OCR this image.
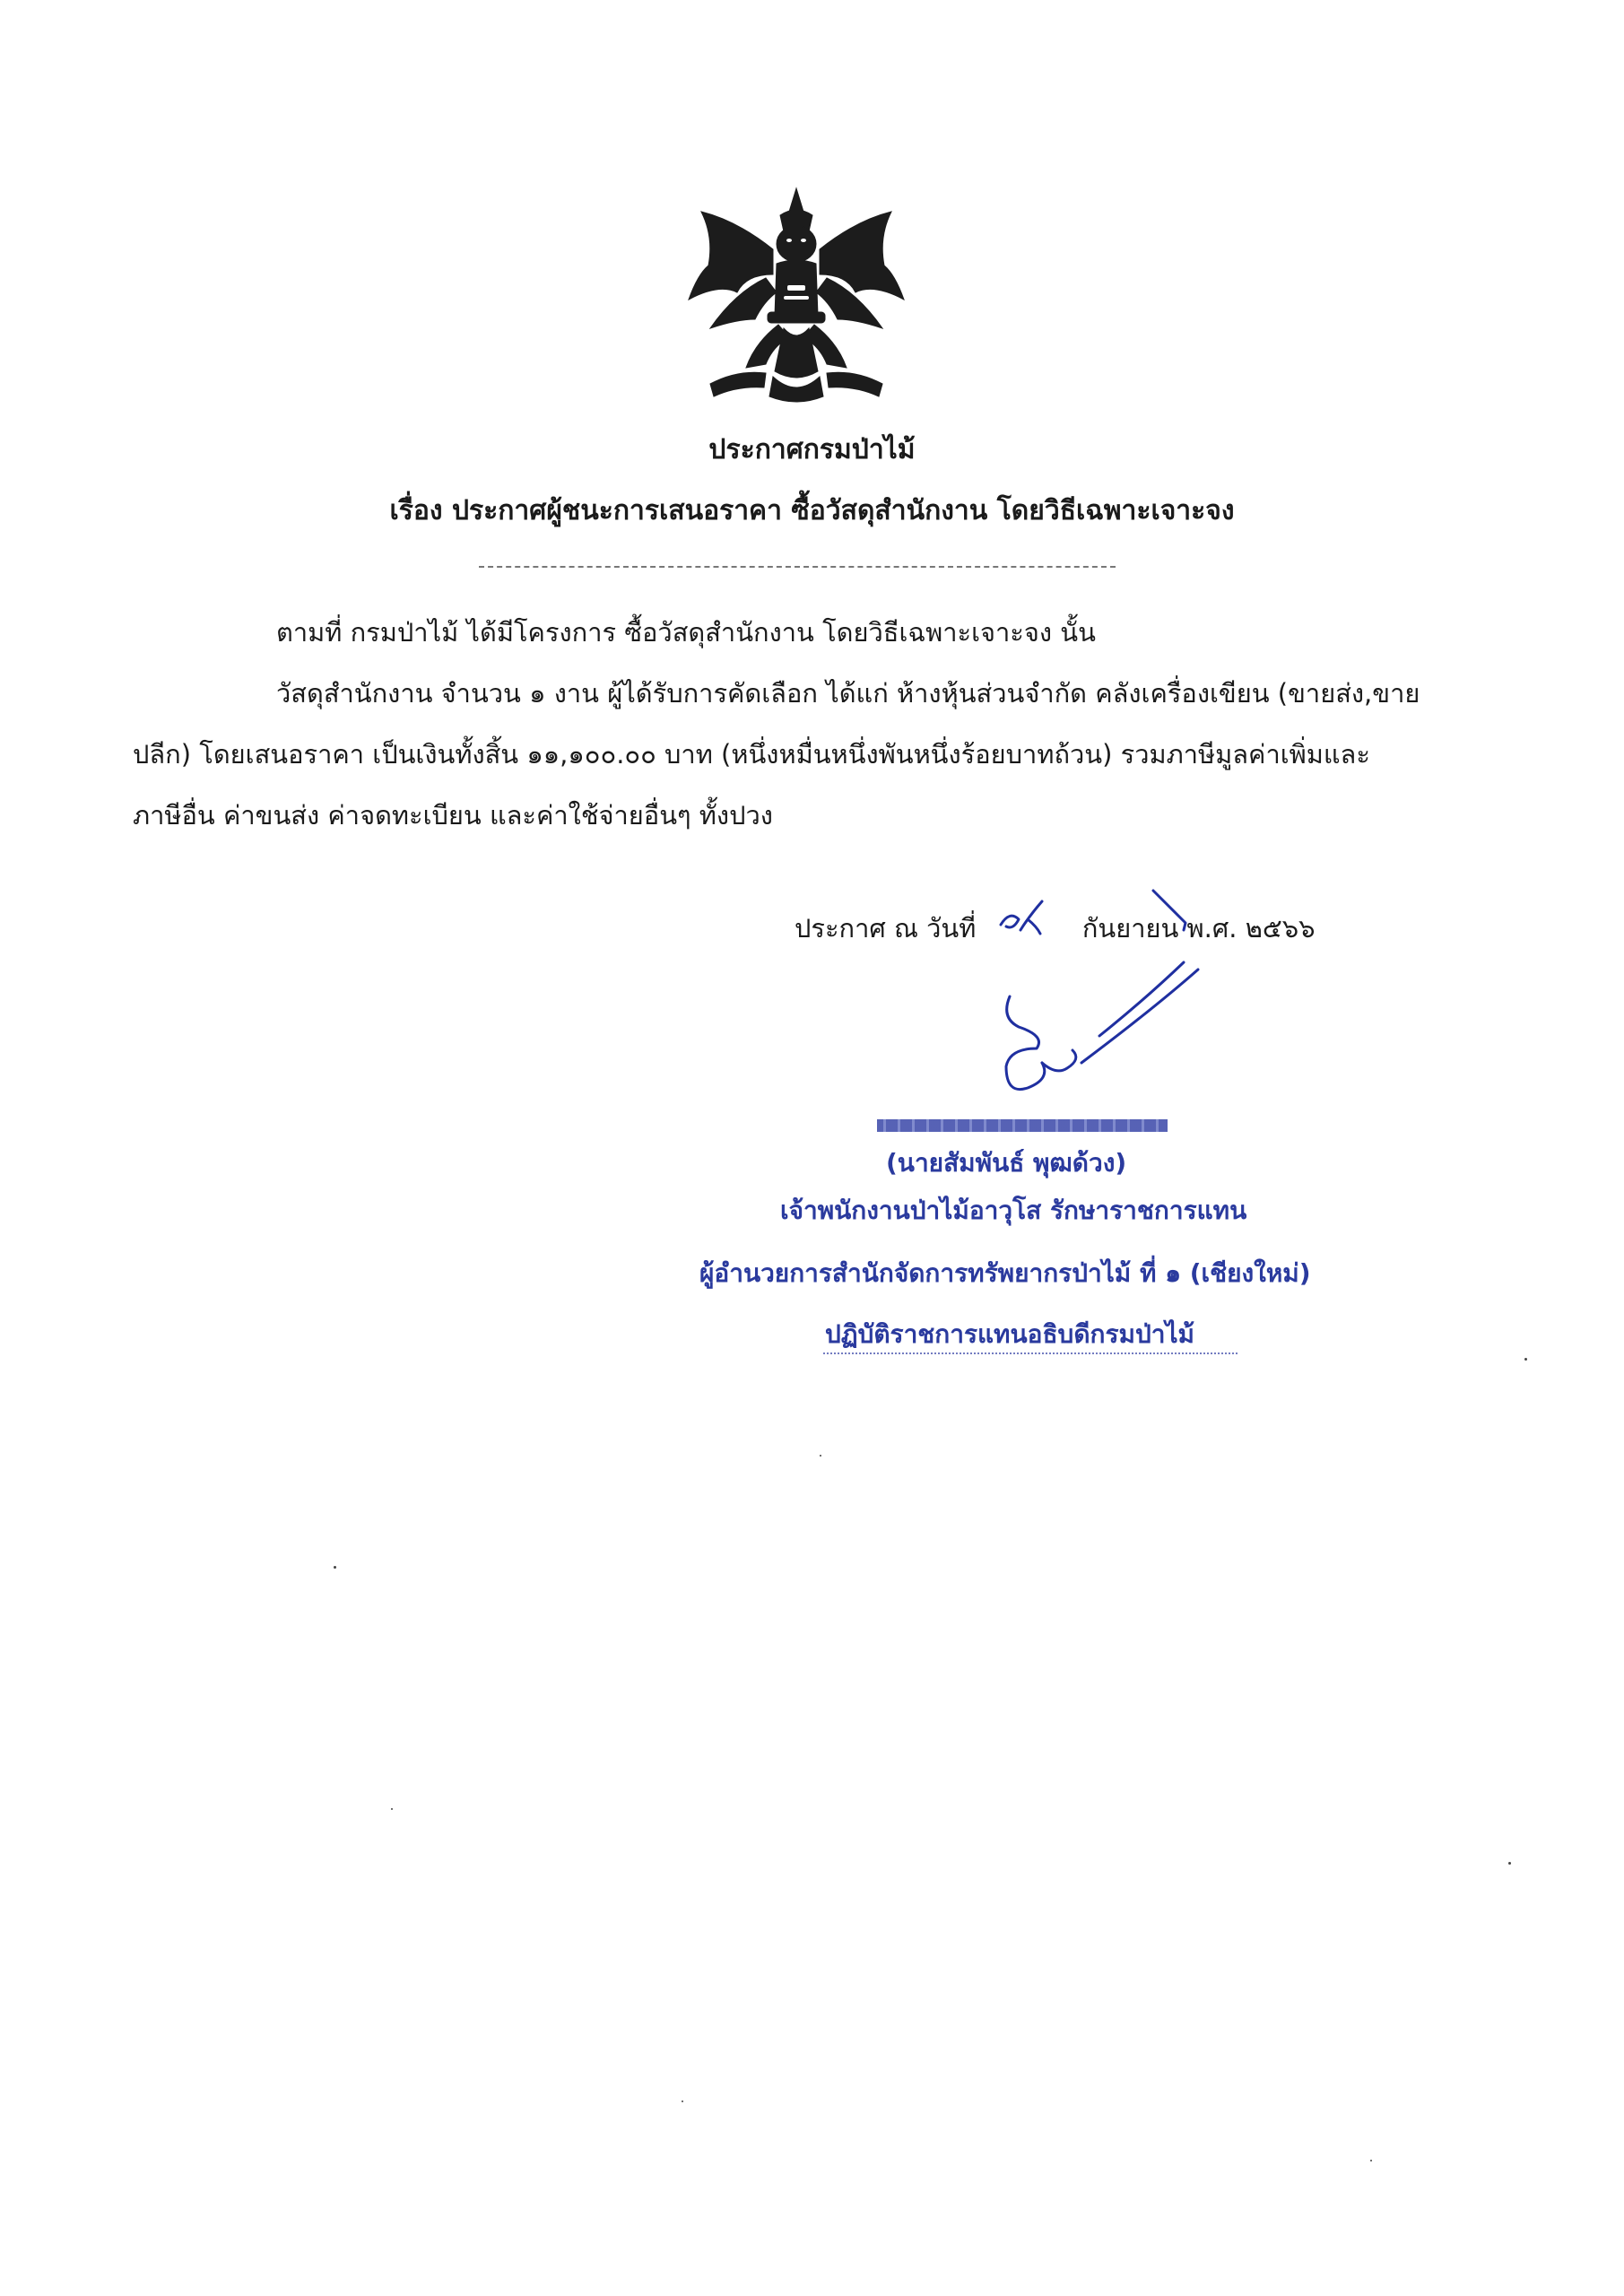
ประกาศกรมป่าไม้
เรื่อง ประกาศผู้ชนะการเสนอราคา ซื้อวัสดุสำนักงาน โดยวิธีเฉพาะเจาะจง
ตามที่ กรมป่าไม้ ได้มีโครงการ ซื้อวัสดุสำนักงาน โดยวิธีเฉพาะเจาะจง นั้น
วัสดุสำนักงาน จำนวน ๑ งาน ผู้ได้รับการคัดเลือก ได้แก่ ห้างหุ้นส่วนจำกัด คลังเครื่องเขียน (ขายส่ง,ขาย
ปลีก) โดยเสนอราคา เป็นเงินทั้งสิ้น ๑๑,๑๐๐.๐๐ บาท (หนึ่งหมื่นหนึ่งพันหนึ่งร้อยบาทถ้วน) รวมภาษีมูลค่าเพิ่มและ
ภาษีอื่น ค่าขนส่ง ค่าจดทะเบียน และค่าใช้จ่ายอื่นๆ ทั้งปวง
ประกาศ ณ วันที่	กันยายน พ.ศ. ๒๕๖๖
(นายสัมพันธ์ พุฒด้วง)
เจ้าพนักงานป่าไม้อาวุโส รักษาราชการแทน
ผู้อำนวยการสำนักจัดการทรัพยากรป่าไม้ ที่ ๑ (เชียงใหม่)
ปฏิบัติราชการแทนอธิบดีกรมป่าไม้
